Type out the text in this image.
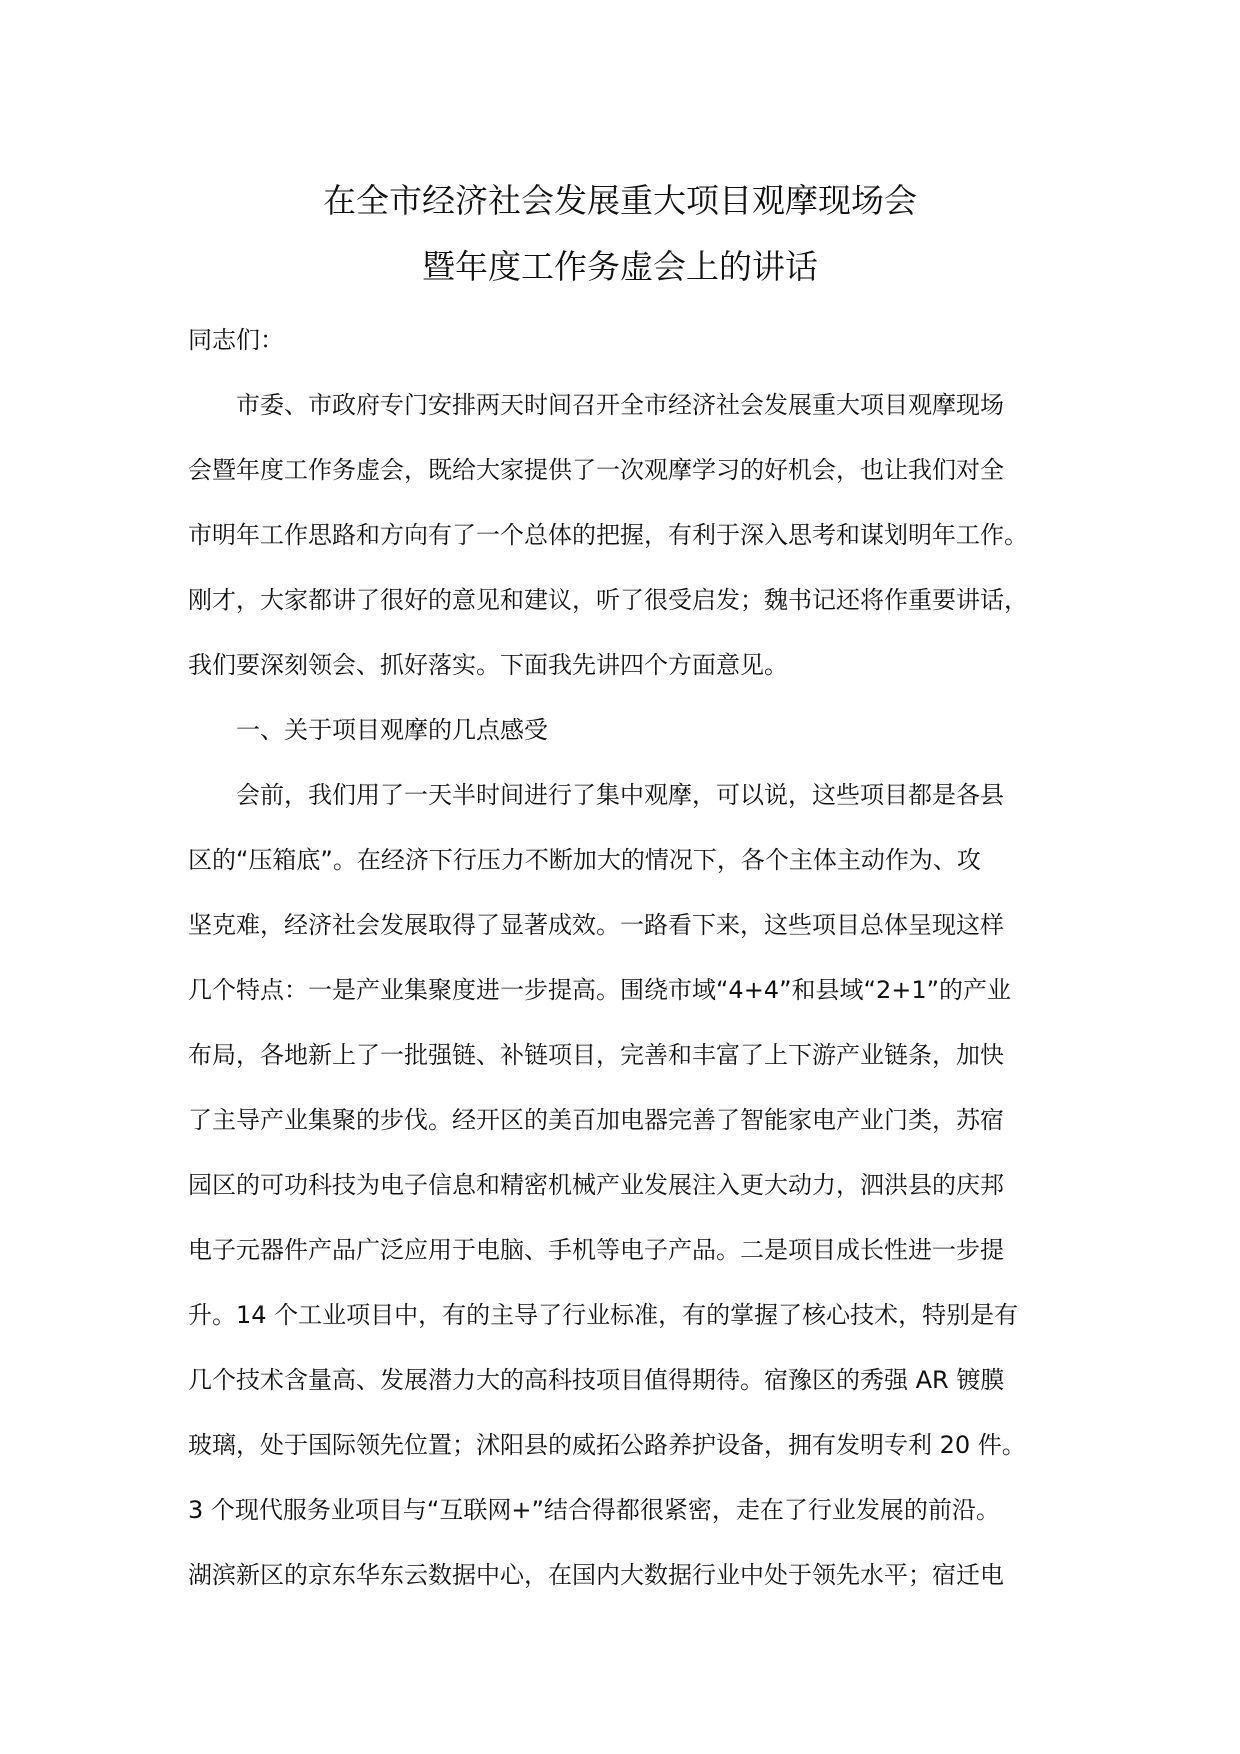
在全市经济社会发展重大项目观摩现场会
暨年度工作务虚会上的讲话
同志们：
市委、市政府专门安排两天时间召开全市经济社会发展重大项目观摩现场
会暨年度工作务虚会，既给大家提供了一次观摩学习的好机会，也让我们对全
市明年工作思路和方向有了一个总体的把握，有利于深入思考和谋划明年工作。
刚才，大家都讲了很好的意见和建议，听了很受启发；魏书记还将作重要讲话，
我们要深刻领会、抓好落实。下面我先讲四个方面意见。
一、关于项目观摩的几点感受
会前，我们用了一天半时间进行了集中观摩，可以说，这些项目都是各县
区的“压箱底”。在经济下行压力不断加大的情况下，各个主体主动作为、攻
坚克难，经济社会发展取得了显著成效。一路看下来，这些项目总体呈现这样
几个特点：一是产业集聚度进一步提高。围绕市域“4+4”和县域“2+1”的产业
布局，各地新上了一批强链、补链项目，完善和丰富了上下游产业链条，加快
了主导产业集聚的步伐。经开区的美百加电器完善了智能家电产业门类，苏宿
园区的可功科技为电子信息和精密机械产业发展注入更大动力，泗洪县的庆邦
电子元器件产品广泛应用于电脑、手机等电子产品。二是项目成长性进一步提
升。14 个工业项目中，有的主导了行业标准，有的掌握了核心技术，特别是有
几个技术含量高、发展潜力大的高科技项目值得期待。宿豫区的秀强 AR 镀膜
玻璃，处于国际领先位置；沭阳县的威拓公路养护设备，拥有发明专利 20 件。
3 个现代服务业项目与“互联网+”结合得都很紧密，走在了行业发展的前沿。
湖滨新区的京东华东云数据中心，在国内大数据行业中处于领先水平；宿迁电
